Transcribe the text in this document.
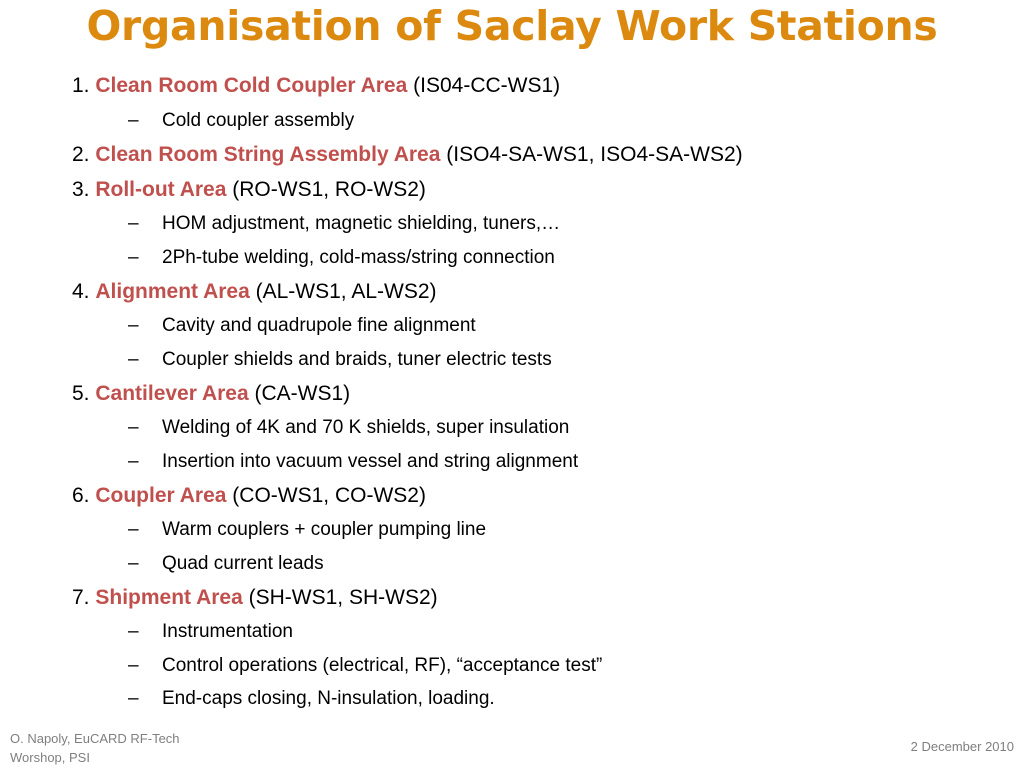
Organisation of Saclay Work Stations
1. Clean Room Cold Coupler Area (IS04-CC-WS1)
– Cold coupler assembly
2. Clean Room String Assembly Area (ISO4-SA-WS1, ISO4-SA-WS2)
3. Roll-out Area (RO-WS1, RO-WS2)
– HOM adjustment, magnetic shielding, tuners,…
– 2Ph-tube welding, cold-mass/string connection
4. Alignment Area (AL-WS1, AL-WS2)
– Cavity and quadrupole fine alignment
– Coupler shields and braids, tuner electric tests
5. Cantilever Area (CA-WS1)
– Welding of 4K and 70 K shields, super insulation
– Insertion into vacuum vessel and string alignment
6. Coupler Area (CO-WS1, CO-WS2)
– Warm couplers + coupler pumping line
– Quad current leads
7. Shipment Area (SH-WS1, SH-WS2)
– Instrumentation
– Control operations (electrical, RF), “acceptance test”
– End-caps closing, N-insulation, loading.
O. Napoly, EuCARD RF-Tech Worshop, PSI
2 December 2010
